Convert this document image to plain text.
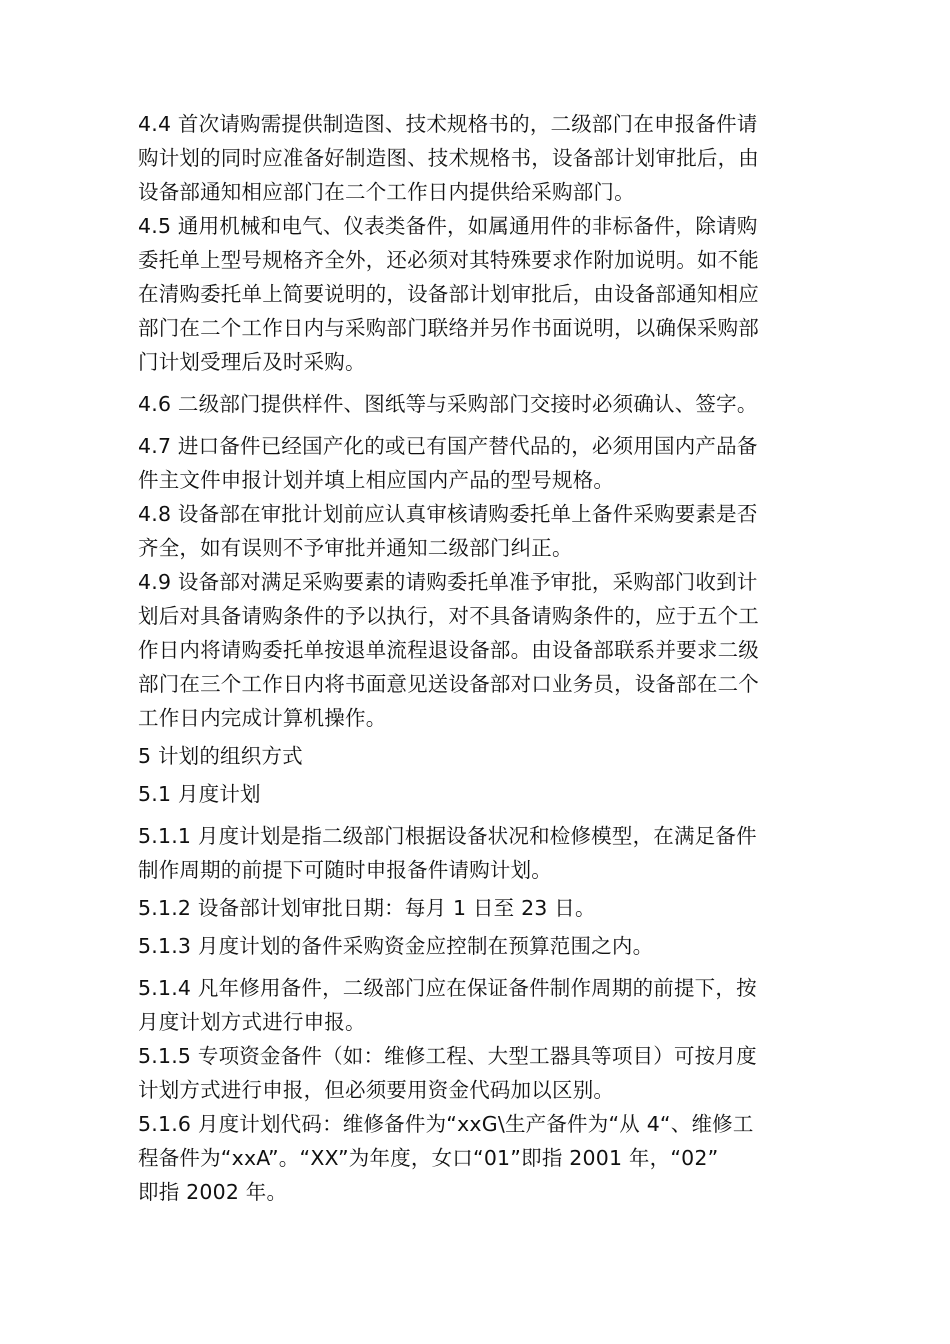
4.4 首次请购需提供制造图、技术规格书的，二级部门在申报备件请
购计划的同时应准备好制造图、技术规格书，设备部计划审批后，由
设备部通知相应部门在二个工作日内提供给采购部门。

4.5 通用机械和电气、仪表类备件，如属通用件的非标备件，除请购
委托单上型号规格齐全外，还必须对其特殊要求作附加说明。如不能
在清购委托单上简要说明的，设备部计划审批后，由设备部通知相应
部门在二个工作日内与采购部门联络并另作书面说明，以确保采购部
门计划受理后及时采购。

4.6 二级部门提供样件、图纸等与采购部门交接时必须确认、签字。

4.7 进口备件已经国产化的或已有国产替代品的，必须用国内产品备
件主文件申报计划并填上相应国内产品的型号规格。

4.8 设备部在审批计划前应认真审核请购委托单上备件采购要素是否
齐全，如有误则不予审批并通知二级部门纠正。

4.9 设备部对满足采购要素的请购委托单准予审批，采购部门收到计
划后对具备请购条件的予以执行，对不具备请购条件的，应于五个工
作日内将请购委托单按退单流程退设备部。由设备部联系并要求二级
部门在三个工作日内将书面意见送设备部对口业务员，设备部在二个
工作日内完成计算机操作。

5 计划的组织方式

5.1 月度计划

5.1.1 月度计划是指二级部门根据设备状况和检修模型，在满足备件
制作周期的前提下可随时申报备件请购计划。

5.1.2 设备部计划审批日期：每月 1 日至 23 日。

5.1.3 月度计划的备件采购资金应控制在预算范围之内。

5.1.4 凡年修用备件，二级部门应在保证备件制作周期的前提下，按
月度计划方式进行申报。

5.1.5 专项资金备件（如：维修工程、大型工器具等项目）可按月度
计划方式进行申报，但必须要用资金代码加以区别。

5.1.6 月度计划代码：维修备件为“xxG\生产备件为“从 4“、维修工
程备件为“xxA”。“XX”为年度，女口“01”即指 2001 年，“02”
即指 2002 年。
